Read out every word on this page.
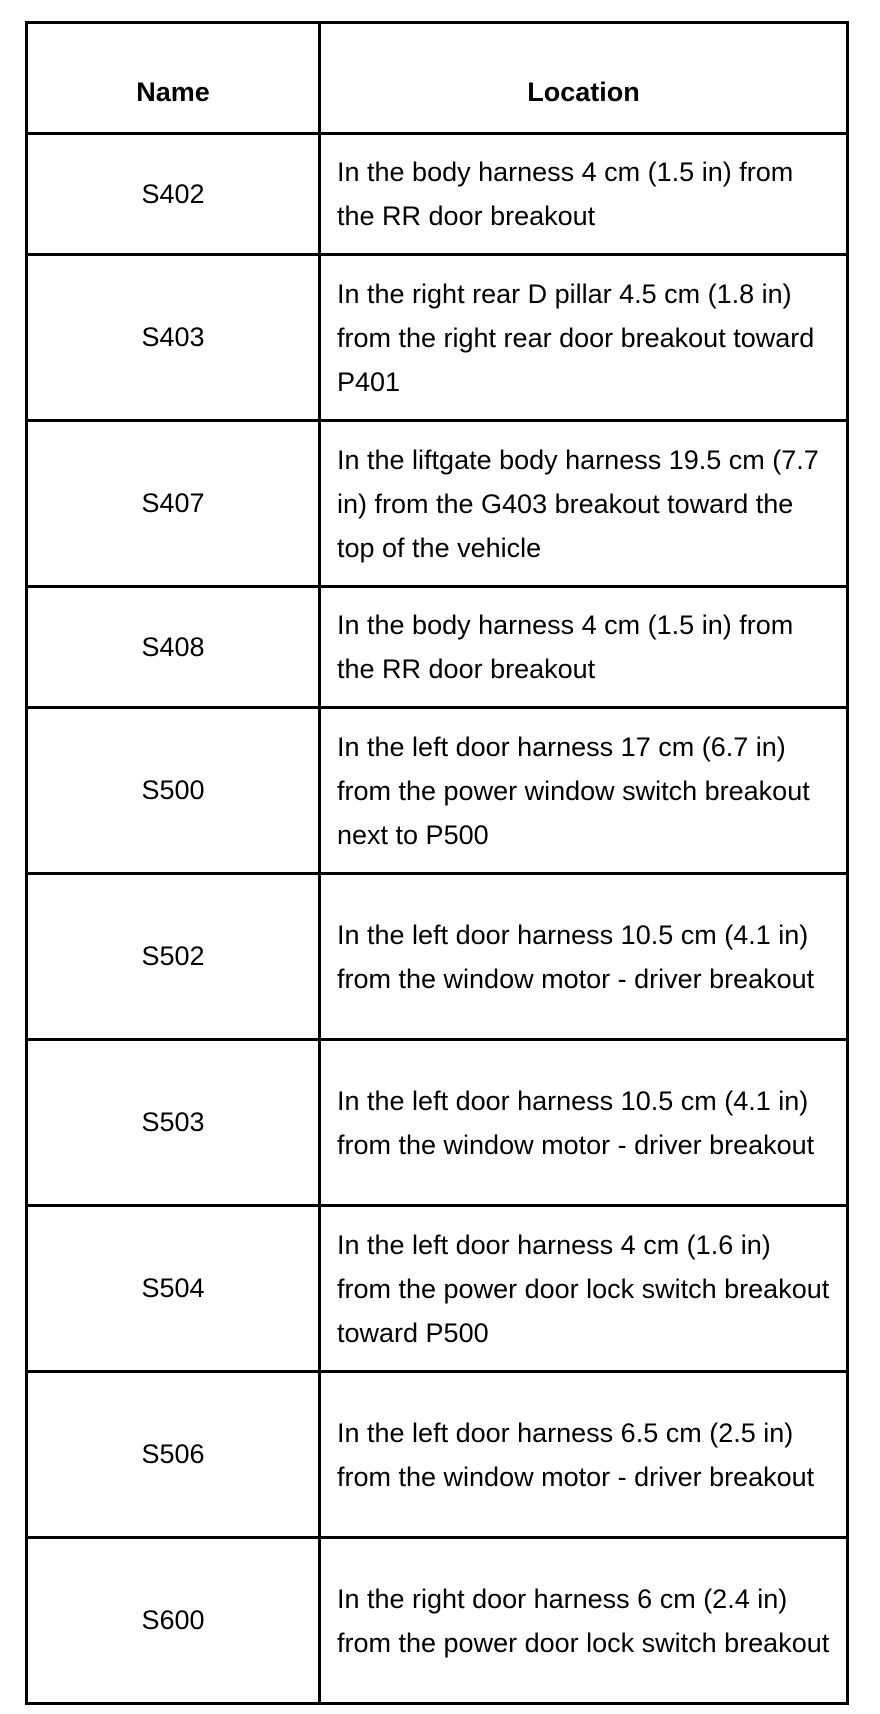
Name	Location
S402	In the body harness 4 cm (1.5 in) from the RR door breakout
S403	In the right rear D pillar 4.5 cm (1.8 in) from the right rear door breakout toward P401
S407	In the liftgate body harness 19.5 cm (7.7 in) from the G403 breakout toward the top of the vehicle
S408	In the body harness 4 cm (1.5 in) from the RR door breakout
S500	In the left door harness 17 cm (6.7 in) from the power window switch breakout next to P500
S502	In the left door harness 10.5 cm (4.1 in) from the window motor - driver breakout
S503	In the left door harness 10.5 cm (4.1 in) from the window motor - driver breakout
S504	In the left door harness 4 cm (1.6 in) from the power door lock switch breakout toward P500
S506	In the left door harness 6.5 cm (2.5 in) from the window motor - driver breakout
S600	In the right door harness 6 cm (2.4 in) from the power door lock switch breakout
